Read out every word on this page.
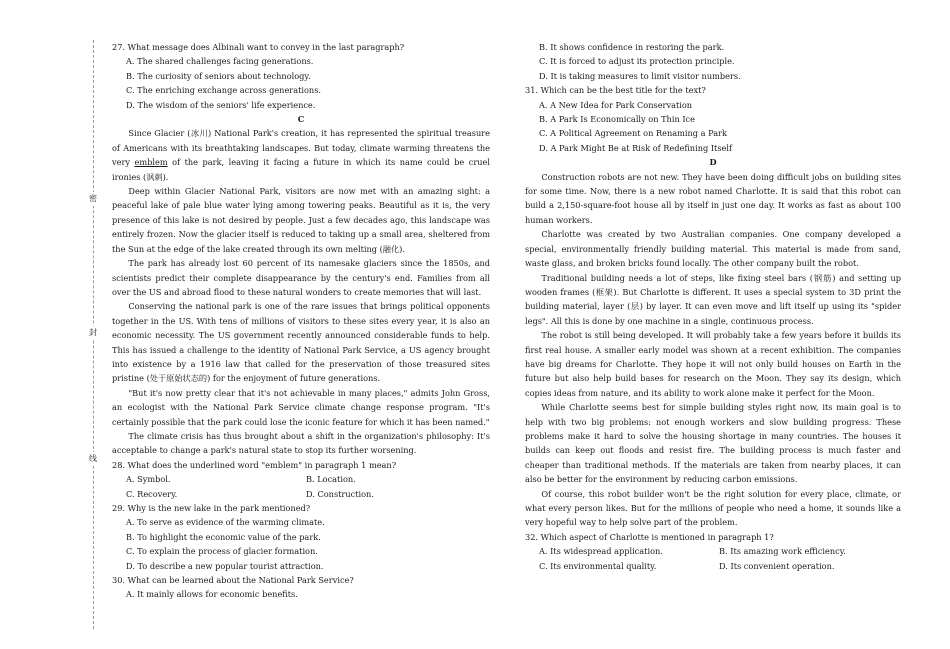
密
封
线
27. What message does Albinali want to convey in the last paragraph?
A. The shared challenges facing generations.
B. The curiosity of seniors about technology.
C. The enriching exchange across generations.
D. The wisdom of the seniors' life experience.
C

Since Glacier (冰川) National Park's creation, it has represented the spiritual treasure of Americans with its breathtaking landscapes. But today, climate warming threatens the very emblem of the park, leaving it facing a future in which its name could be cruel ironies (讽刺).

Deep within Glacier National Park, visitors are now met with an amazing sight: a peaceful lake of pale blue water lying among towering peaks. Beautiful as it is, the very presence of this lake is not desired by people. Just a few decades ago, this landscape was entirely frozen. Now the glacier itself is reduced to taking up a small area, sheltered from the Sun at the edge of the lake created through its own melting (融化).

The park has already lost 60 percent of its namesake glaciers since the 1850s, and scientists predict their complete disappearance by the century's end. Families from all over the US and abroad flood to these natural wonders to create memories that will last.

Conserving the national park is one of the rare issues that brings political opponents together in the US. With tens of millions of visitors to these sites every year, it is also an economic necessity. The US government recently announced considerable funds to help. This has issued a challenge to the identity of National Park Service, a US agency brought into existence by a 1916 law that called for the preservation of those treasured sites pristine (处于原始状态的) for the enjoyment of future generations.

"But it's now pretty clear that it's not achievable in many places," admits John Gross, an ecologist with the National Park Service climate change response program. "It's certainly possible that the park could lose the iconic feature for which it has been named."

The climate crisis has thus brought about a shift in the organization's philosophy: It's acceptable to change a park's natural state to stop its further worsening.

28. What does the underlined word "emblem" in paragraph 1 mean?
A. Symbol.	B. Location.
C. Recovery.	D. Construction.
29. Why is the new lake in the park mentioned?
A. To serve as evidence of the warming climate.
B. To highlight the economic value of the park.
C. To explain the process of glacier formation.
D. To describe a new popular tourist attraction.
30. What can be learned about the National Park Service?
A. It mainly allows for economic benefits.
B. It shows confidence in restoring the park.
C. It is forced to adjust its protection principle.
D. It is taking measures to limit visitor numbers.
31. Which can be the best title for the text?
A. A New Idea for Park Conservation
B. A Park Is Economically on Thin Ice
C. A Political Agreement on Renaming a Park
D. A Park Might Be at Risk of Redefining Itself
D

Construction robots are not new. They have been doing difficult jobs on building sites for some time. Now, there is a new robot named Charlotte. It is said that this robot can build a 2,150-square-foot house all by itself in just one day. It works as fast as about 100 human workers.

Charlotte was created by two Australian companies. One company developed a special, environmentally friendly building material. This material is made from sand, waste glass, and broken bricks found locally. The other company built the robot.

Traditional building needs a lot of steps, like fixing steel bars (钢筋) and setting up wooden frames (框架). But Charlotte is different. It uses a special system to 3D print the building material, layer (层) by layer. It can even move and lift itself up using its "spider legs". All this is done by one machine in a single, continuous process.

The robot is still being developed. It will probably take a few years before it builds its first real house. A smaller early model was shown at a recent exhibition. The companies have big dreams for Charlotte. They hope it will not only build houses on Earth in the future but also help build bases for research on the Moon. They say its design, which copies ideas from nature, and its ability to work alone make it perfect for the Moon.

While Charlotte seems best for simple building styles right now, its main goal is to help with two big problems: not enough workers and slow building progress. These problems make it hard to solve the housing shortage in many countries. The houses it builds can keep out floods and resist fire. The building process is much faster and cheaper than traditional methods. If the materials are taken from nearby places, it can also be better for the environment by reducing carbon emissions.

Of course, this robot builder won't be the right solution for every place, climate, or what every person likes. But for the millions of people who need a home, it sounds like a very hopeful way to help solve part of the problem.

32. Which aspect of Charlotte is mentioned in paragraph 1?
A. Its widespread application.	B. Its amazing work efficiency.
C. Its environmental quality.	D. Its convenient operation.
